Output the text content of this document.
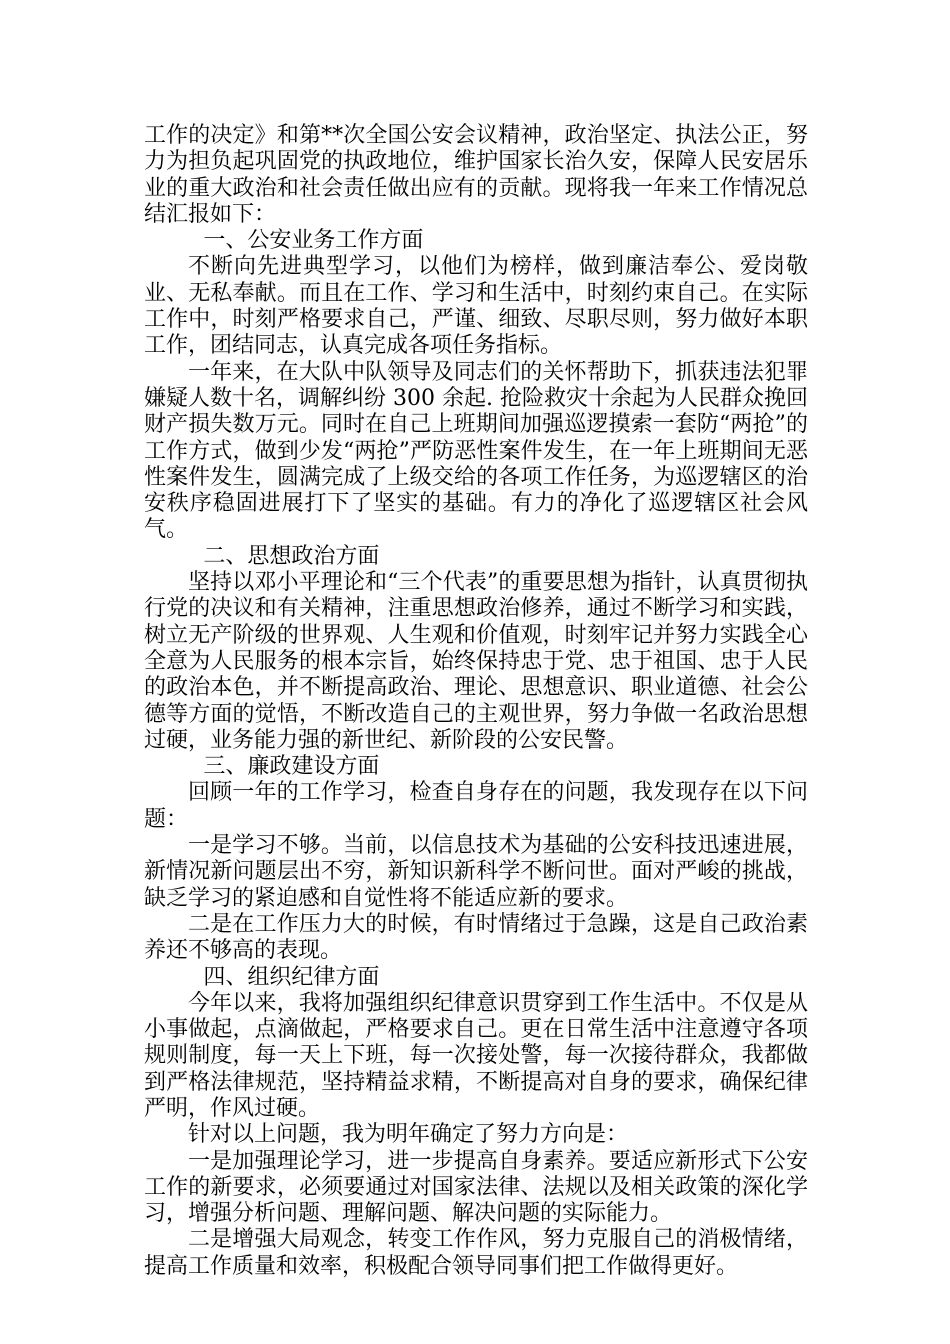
工作的决定》和第**次全国公安会议精神，政治坚定、执法公正，努力为担负起巩固党的执政地位，维护国家长治久安，保障人民安居乐业的重大政治和社会责任做出应有的贡献。现将我一年来工作情况总结汇报如下：

一、公安业务工作方面

不断向先进典型学习，以他们为榜样，做到廉洁奉公、爱岗敬业、无私奉献。而且在工作、学习和生活中，时刻约束自己。在实际工作中，时刻严格要求自己，严谨、细致、尽职尽则，努力做好本职工作，团结同志，认真完成各项任务指标。

一年来，在大队中队领导及同志们的关怀帮助下，抓获违法犯罪嫌疑人数十名，调解纠纷 300 余起. 抢险救灾十余起为人民群众挽回财产损失数万元。同时在自己上班期间加强巡逻摸索一套防“两抢”的工作方式，做到少发“两抢”严防恶性案件发生，在一年上班期间无恶性案件发生，圆满完成了上级交给的各项工作任务，为巡逻辖区的治安秩序稳固进展打下了坚实的基础。有力的净化了巡逻辖区社会风气。

二、思想政治方面

坚持以邓小平理论和“三个代表”的重要思想为指针，认真贯彻执行党的决议和有关精神，注重思想政治修养，通过不断学习和实践，树立无产阶级的世界观、人生观和价值观，时刻牢记并努力实践全心全意为人民服务的根本宗旨，始终保持忠于党、忠于祖国、忠于人民的政治本色，并不断提高政治、理论、思想意识、职业道德、社会公德等方面的觉悟，不断改造自己的主观世界，努力争做一名政治思想过硬，业务能力强的新世纪、新阶段的公安民警。

三、廉政建设方面

回顾一年的工作学习，检查自身存在的问题，我发现存在以下问题：

一是学习不够。当前，以信息技术为基础的公安科技迅速进展，新情况新问题层出不穷，新知识新科学不断问世。面对严峻的挑战，缺乏学习的紧迫感和自觉性将不能适应新的要求。

二是在工作压力大的时候，有时情绪过于急躁，这是自己政治素养还不够高的表现。

四、组织纪律方面

今年以来，我将加强组织纪律意识贯穿到工作生活中。不仅是从小事做起，点滴做起，严格要求自己。更在日常生活中注意遵守各项规则制度，每一天上下班，每一次接处警，每一次接待群众，我都做到严格法律规范，坚持精益求精，不断提高对自身的要求，确保纪律严明，作风过硬。

针对以上问题，我为明年确定了努力方向是：

一是加强理论学习，进一步提高自身素养。要适应新形式下公安工作的新要求，必须要通过对国家法律、法规以及相关政策的深化学习，增强分析问题、理解问题、解决问题的实际能力。

二是增强大局观念，转变工作作风，努力克服自己的消极情绪，提高工作质量和效率，积极配合领导同事们把工作做得更好。
